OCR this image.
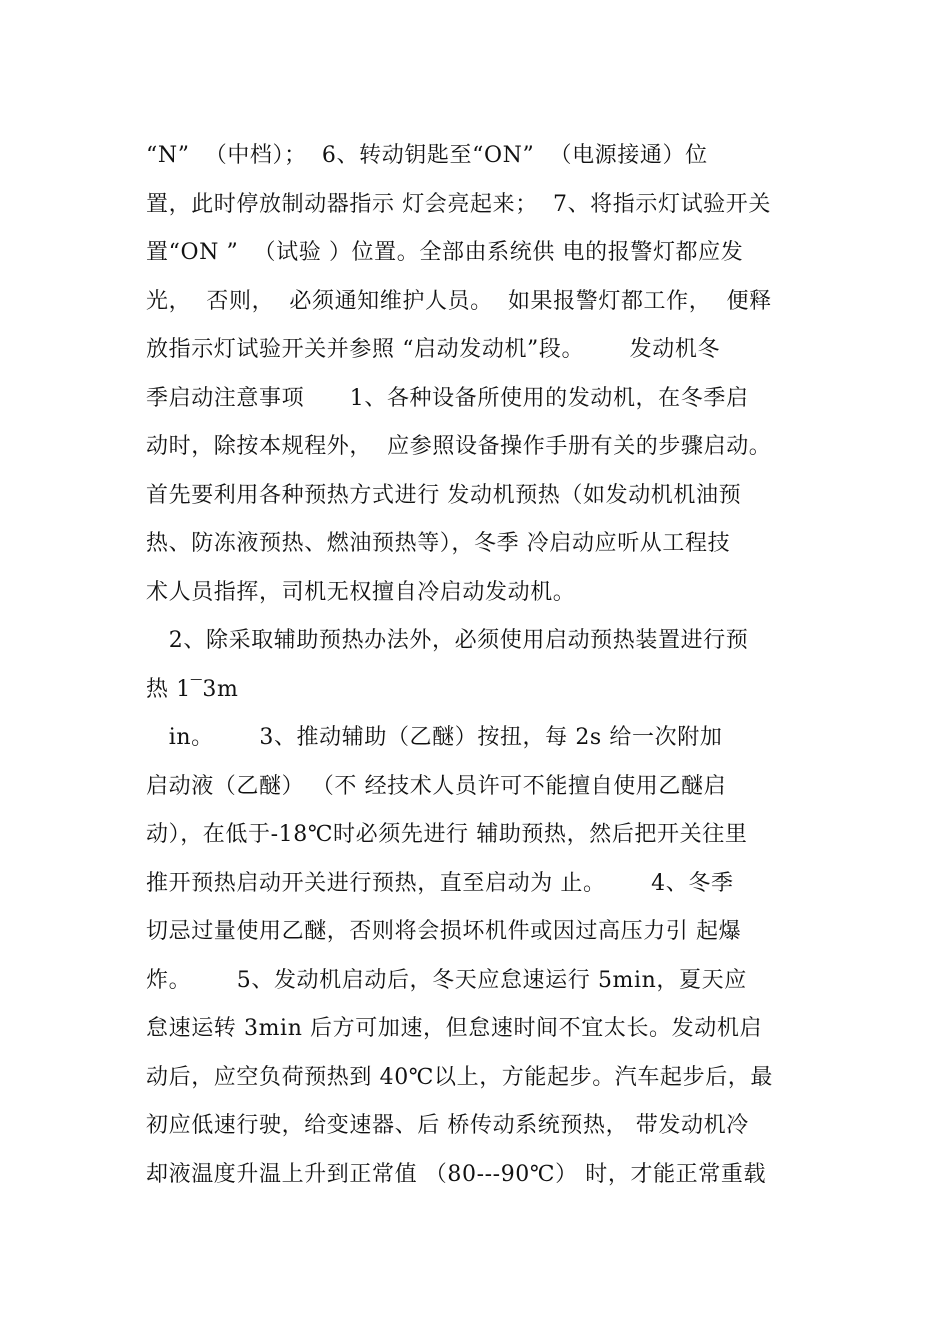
“N”  （中档）；  6、转动钥匙至“ON”  （电源接通）位
置，此时停放制动器指示 灯会亮起来；  7、将指示灯试验开关
置“ON ”  （试验 ）位置。全部由系统供 电的报警灯都应发
光，  否则，  必须通知维护人员。  如果报警灯都工作，  便释
放指示灯试验开关并参照 “启动发动机”段。      发动机冬
季启动注意事项      1、各种设备所使用的发动机，在冬季启
动时，除按本规程外，  应参照设备操作手册有关的步骤启动。
首先要利用各种预热方式进行 发动机预热（如发动机机油预
热、防冻液预热、燃油预热等），冬季 冷启动应听从工程技
术人员指挥，司机无权擅自冷启动发动机。
2、除采取辅助预热办法外，必须使用启动预热装置进行预
热 1‾3m
in。      3、推动辅助（乙醚）按扭，每 2s 给一次附加
启动液（乙醚） （不 经技术人员许可不能擅自使用乙醚启
动），在低于-18℃时必须先进行 辅助预热，然后把开关往里
推开预热启动开关进行预热，直至启动为 止。      4、冬季
切忌过量使用乙醚，否则将会损坏机件或因过高压力引 起爆
炸。      5、发动机启动后，冬天应怠速运行 5min，夏天应
怠速运转 3min 后方可加速，但怠速时间不宜太长。发动机启
动后，应空负荷预热到 40℃以上，方能起步。汽车起步后，最
初应低速行驶，给变速器、后 桥传动系统预热， 带发动机冷
却液温度升温上升到正常值 （80---90℃） 时，才能正常重载
